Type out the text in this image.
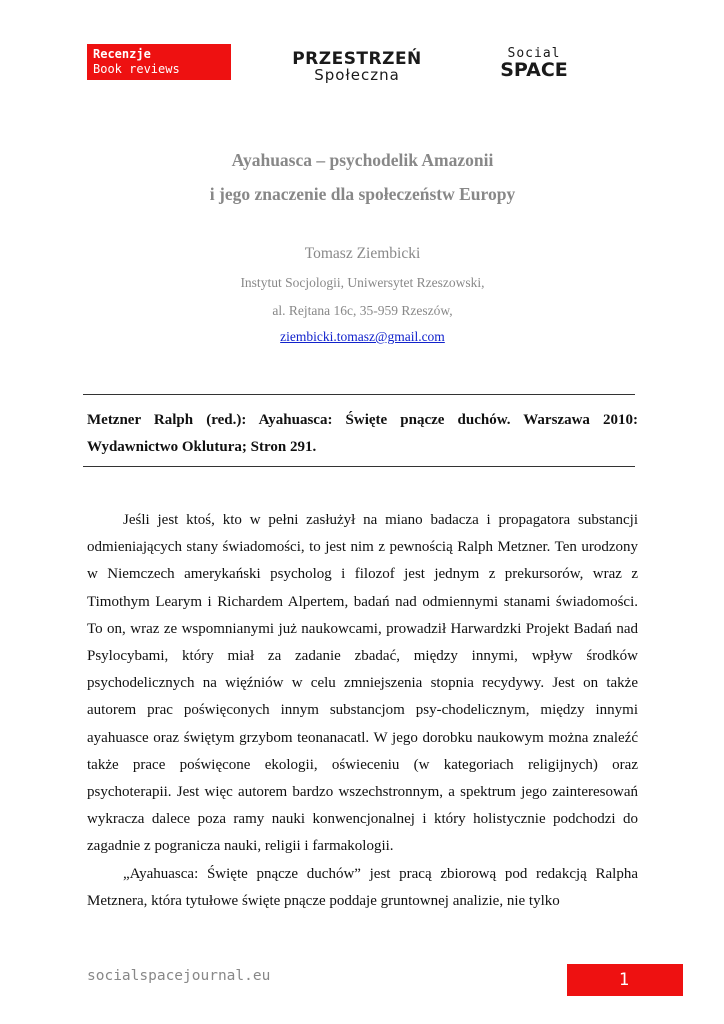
Recenzje
Book reviews	PRZESTRZEŃ
Społeczna
Social
SPACE
Ayahuasca – psychodelik Amazonii
i jego znaczenie dla społeczeństw Europy
Tomasz Ziembicki
Instytut Socjologii, Uniwersytet Rzeszowski,
al. Rejtana 16c, 35-959 Rzeszów,
ziembicki.tomasz@gmail.com
Metzner Ralph (red.): Ayahuasca: Święte pnącze duchów. Warszawa 2010: Wydawnictwo Oklutura; Stron 291.

Jeśli jest ktoś, kto w pełni zasłużył na miano badacza i propagatora substancji odmieniających stany świadomości, to jest nim z pewnością Ralph Metzner. Ten urodzony w Niemczech amerykański psycholog i filozof jest jednym z prekursorów, wraz z Timothym Learym i Richardem Alpertem, badań nad odmiennymi stanami świadomości. To on, wraz ze wspomnianymi już naukowcami, prowadził Harwardzki Projekt Badań nad Psylocybami, który miał za zadanie zbadać, między innymi, wpływ środków psychodelicznych na więźniów w celu zmniejszenia stopnia recydywy. Jest on także autorem prac poświęconych innym substancjom psy-chodelicznym, między innymi ayahuasce oraz świętym grzybom teonanacatl. W jego dorobku naukowym można znaleźć także prace poświęcone ekologii, oświeceniu (w kategoriach religijnych) oraz psychoterapii. Jest więc autorem bardzo wszechstronnym, a spektrum jego zainteresowań wykracza dalece poza ramy nauki konwencjonalnej i który holistycznie podchodzi do zagadnie z pogranicza nauki, religii i farmakologii.

„Ayahuasca: Święte pnącze duchów” jest pracą zbiorową pod redakcją Ralpha Metznera, która tytułowe święte pnącze poddaje gruntownej analizie, nie tylko

socialspacejournal.eu	1
